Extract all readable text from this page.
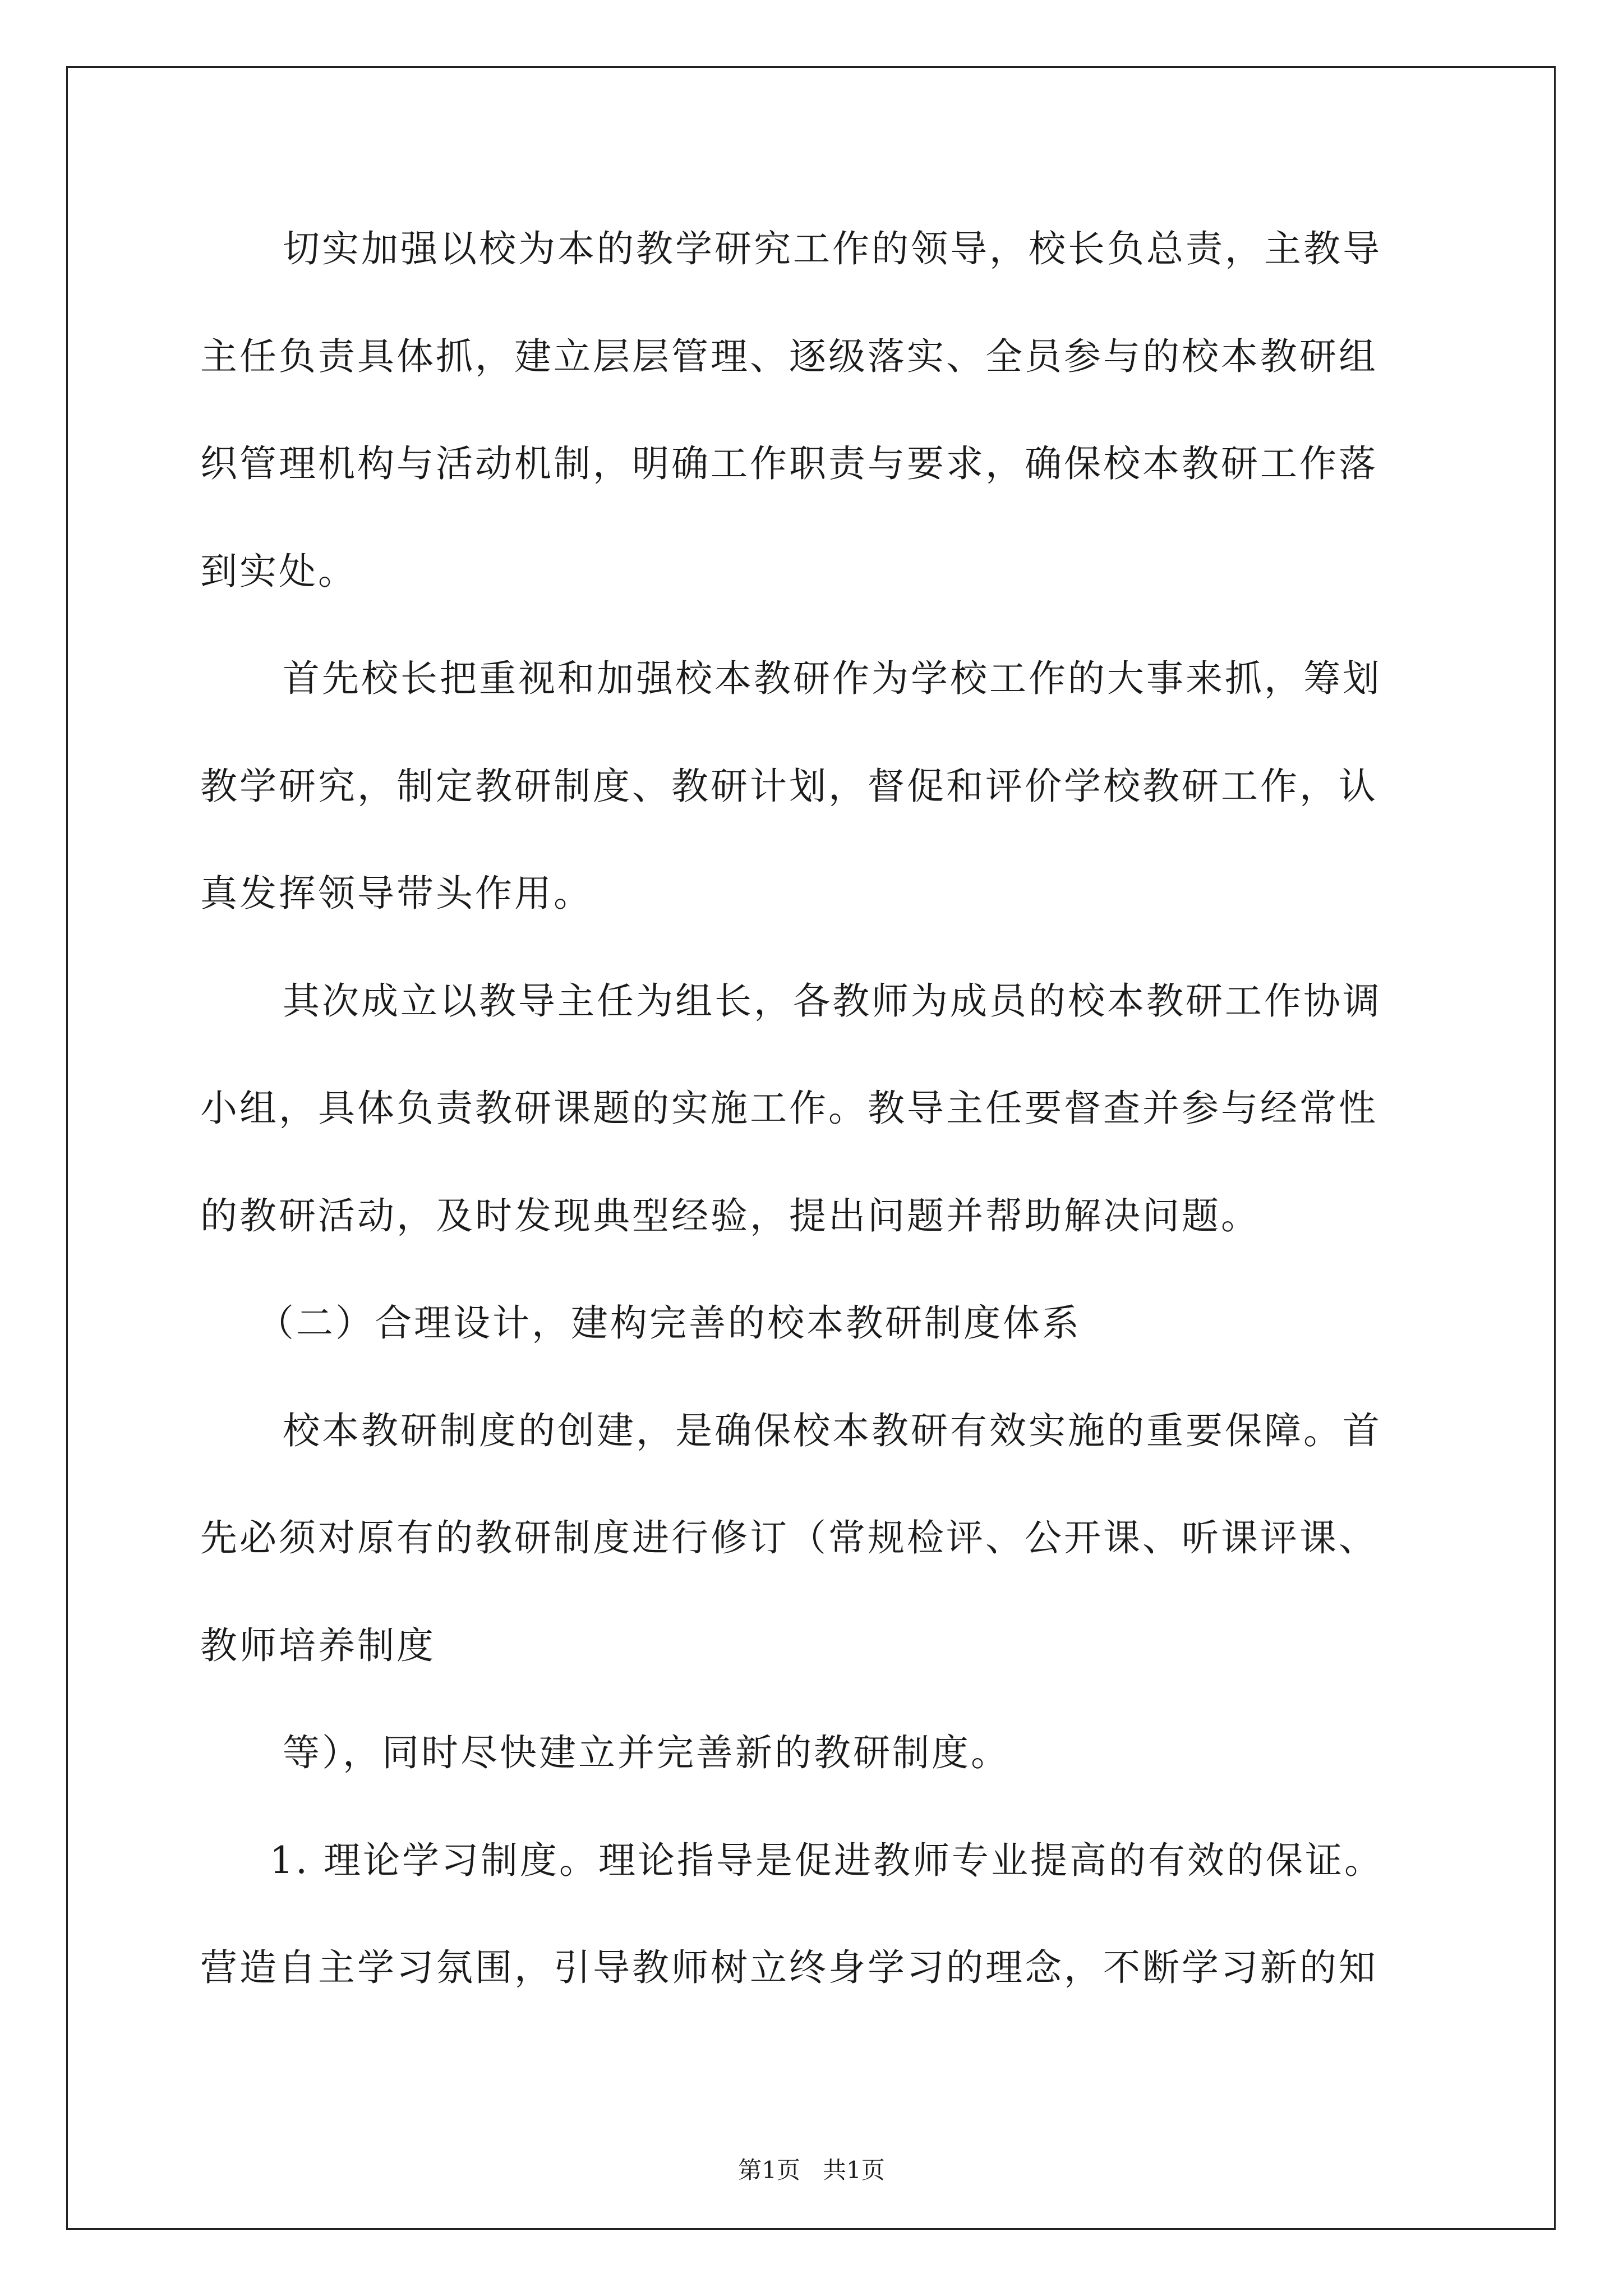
切实加强以校为本的教学研究工作的领导，校长负总责，主教导
主任负责具体抓，建立层层管理、逐级落实、全员参与的校本教研组
织管理机构与活动机制，明确工作职责与要求，确保校本教研工作落
到实处。
首先校长把重视和加强校本教研作为学校工作的大事来抓，筹划
教学研究，制定教研制度、教研计划，督促和评价学校教研工作，认
真发挥领导带头作用。
其次成立以教导主任为组长，各教师为成员的校本教研工作协调
小组，具体负责教研课题的实施工作。教导主任要督查并参与经常性
的教研活动，及时发现典型经验，提出问题并帮助解决问题。
（二）合理设计，建构完善的校本教研制度体系
校本教研制度的创建，是确保校本教研有效实施的重要保障。首
先必须对原有的教研制度进行修订（常规检评、公开课、听课评课、
教师培养制度
等），同时尽快建立并完善新的教研制度。
1. 理论学习制度。理论指导是促进教师专业提高的有效的保证。
营造自主学习氛围，引导教师树立终身学习的理念，不断学习新的知
第1页   共1页
